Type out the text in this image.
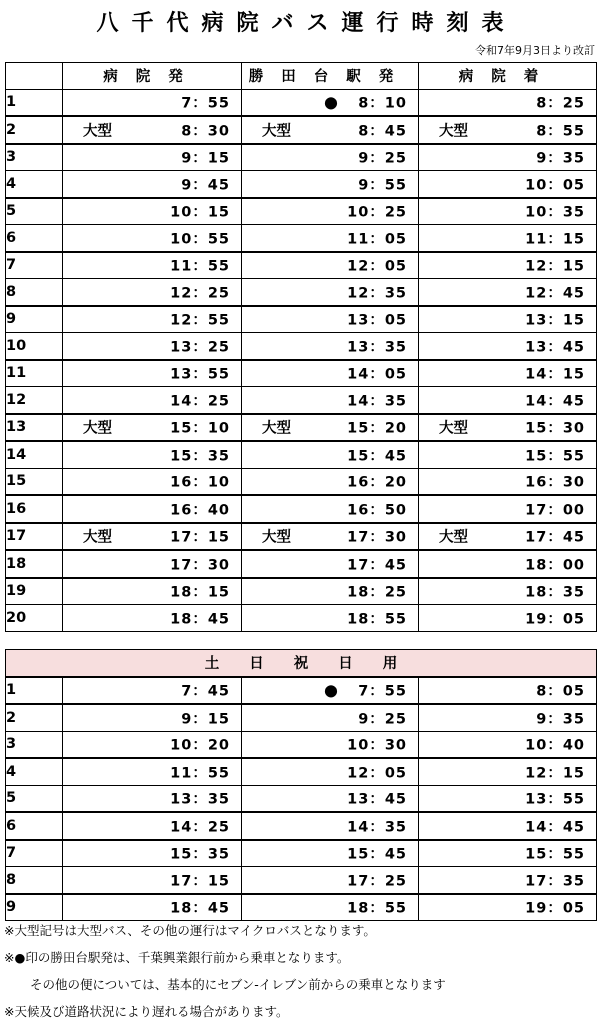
八千代病院バス運行時刻表
令和7年9月3日より改訂
	病院発	勝田台駅発	病院着
1	7：55	● 8：10	8：25

2	大型 8：30	大型 8：45	大型 8：55

3	9：15	9：25	9：35

4	9：45	9：55	10：05

5	10：15	10：25	10：35

6	10：55	11：05	11：15

7	11：55	12：05	12：15

8	12：25	12：35	12：45

9	12：55	13：05	13：15

10	13：25	13：35	13：45

11	13：55	14：05	14：15

12	14：25	14：35	14：45

13	大型 15：10	大型 15：20	大型 15：30

14	15：35	15：45	15：55

15	16：10	16：20	16：30

16	16：40	16：50	17：00

17	大型 17：15	大型 17：30	大型 17：45

18	17：30	17：45	18：00

19	18：15	18：25	18：35

20	18：45	18：55	19：05
土日祝日用			
1	7：45	● 7：55	8：05

2	9：15	9：25	9：35

3	10：20	10：30	10：40

4	11：55	12：05	12：15

5	13：35	13：45	13：55

6	14：25	14：35	14：45

7	15：35	15：45	15：55

8	17：15	17：25	17：35

9	18：45	18：55	19：05
※大型記号は大型バス、その他の運行はマイクロバスとなります。
※●印の勝田台駅発は、千葉興業銀行前から乗車となります。
その他の便については、基本的にセブン-イレブン前からの乗車となります
※天候及び道路状況により遅れる場合があります。
